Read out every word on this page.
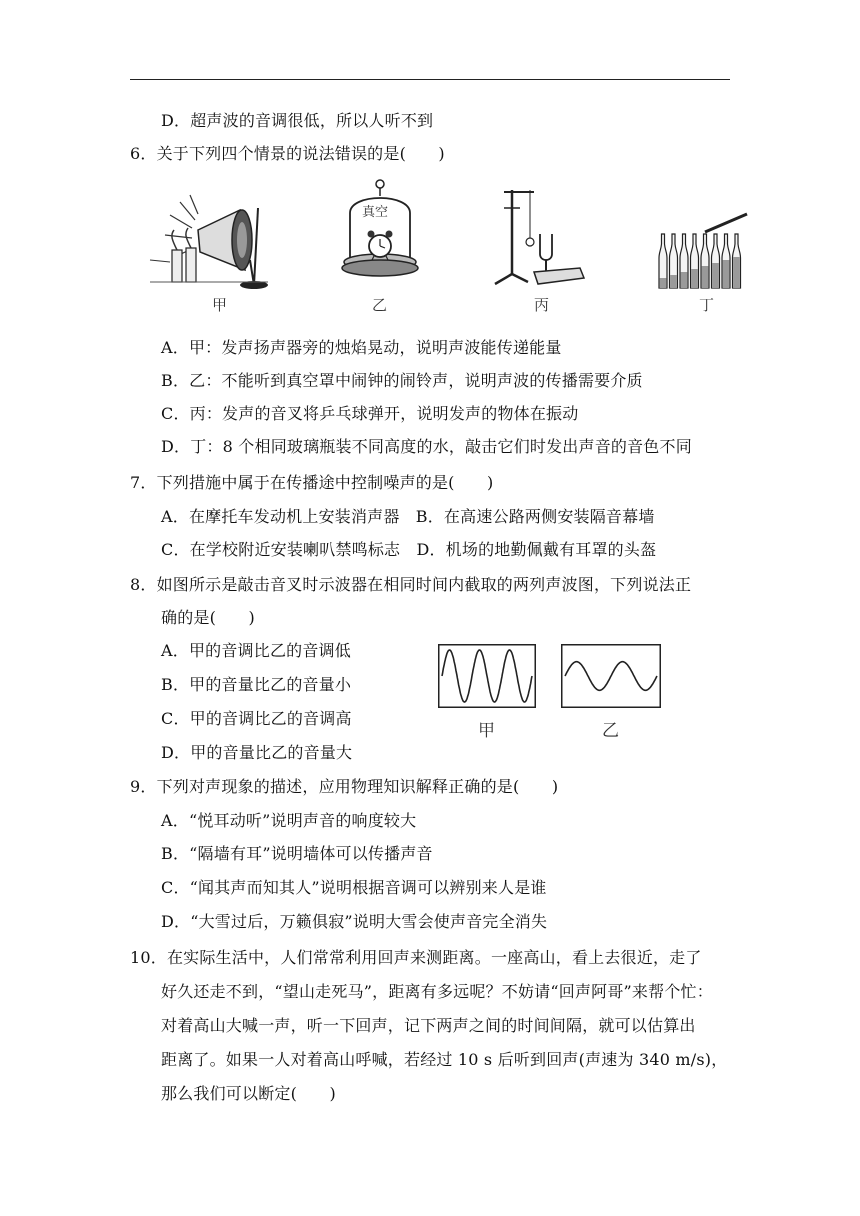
D．超声波的音调很低，所以人听不到
6．关于下列四个情景的说法错误的是(　　)
甲
真空
乙	丙	丁
A．甲：发声扬声器旁的烛焰晃动，说明声波能传递能量
B．乙：不能听到真空罩中闹钟的闹铃声，说明声波的传播需要介质
C．丙：发声的音叉将乒乓球弹开，说明发声的物体在振动
D．丁：8 个相同玻璃瓶装不同高度的水，敲击它们时发出声音的音色不同
7．下列措施中属于在传播途中控制噪声的是(　　)
A．在摩托车发动机上安装消声器　B．在高速公路两侧安装隔音幕墙
C．在学校附近安装喇叭禁鸣标志　D．机场的地勤佩戴有耳罩的头盔
8．如图所示是敲击音叉时示波器在相同时间内截取的两列声波图，下列说法正
确的是(　　)
A．甲的音调比乙的音调低
B．甲的音量比乙的音量小
C．甲的音调比乙的音调高
D．甲的音量比乙的音量大
甲	乙
9．下列对声现象的描述，应用物理知识解释正确的是(　　)
A．“悦耳动听”说明声音的响度较大
B．“隔墙有耳”说明墙体可以传播声音
C．“闻其声而知其人”说明根据音调可以辨别来人是谁
D．“大雪过后，万籁俱寂”说明大雪会使声音完全消失
10．在实际生活中，人们常常利用回声来测距离。一座高山，看上去很近，走了
好久还走不到，“望山走死马”，距离有多远呢？不妨请“回声阿哥”来帮个忙：
对着高山大喊一声，听一下回声，记下两声之间的时间间隔，就可以估算出
距离了。如果一人对着高山呼喊，若经过 10 s 后听到回声(声速为 340 m/s)，
那么我们可以断定(　　)
